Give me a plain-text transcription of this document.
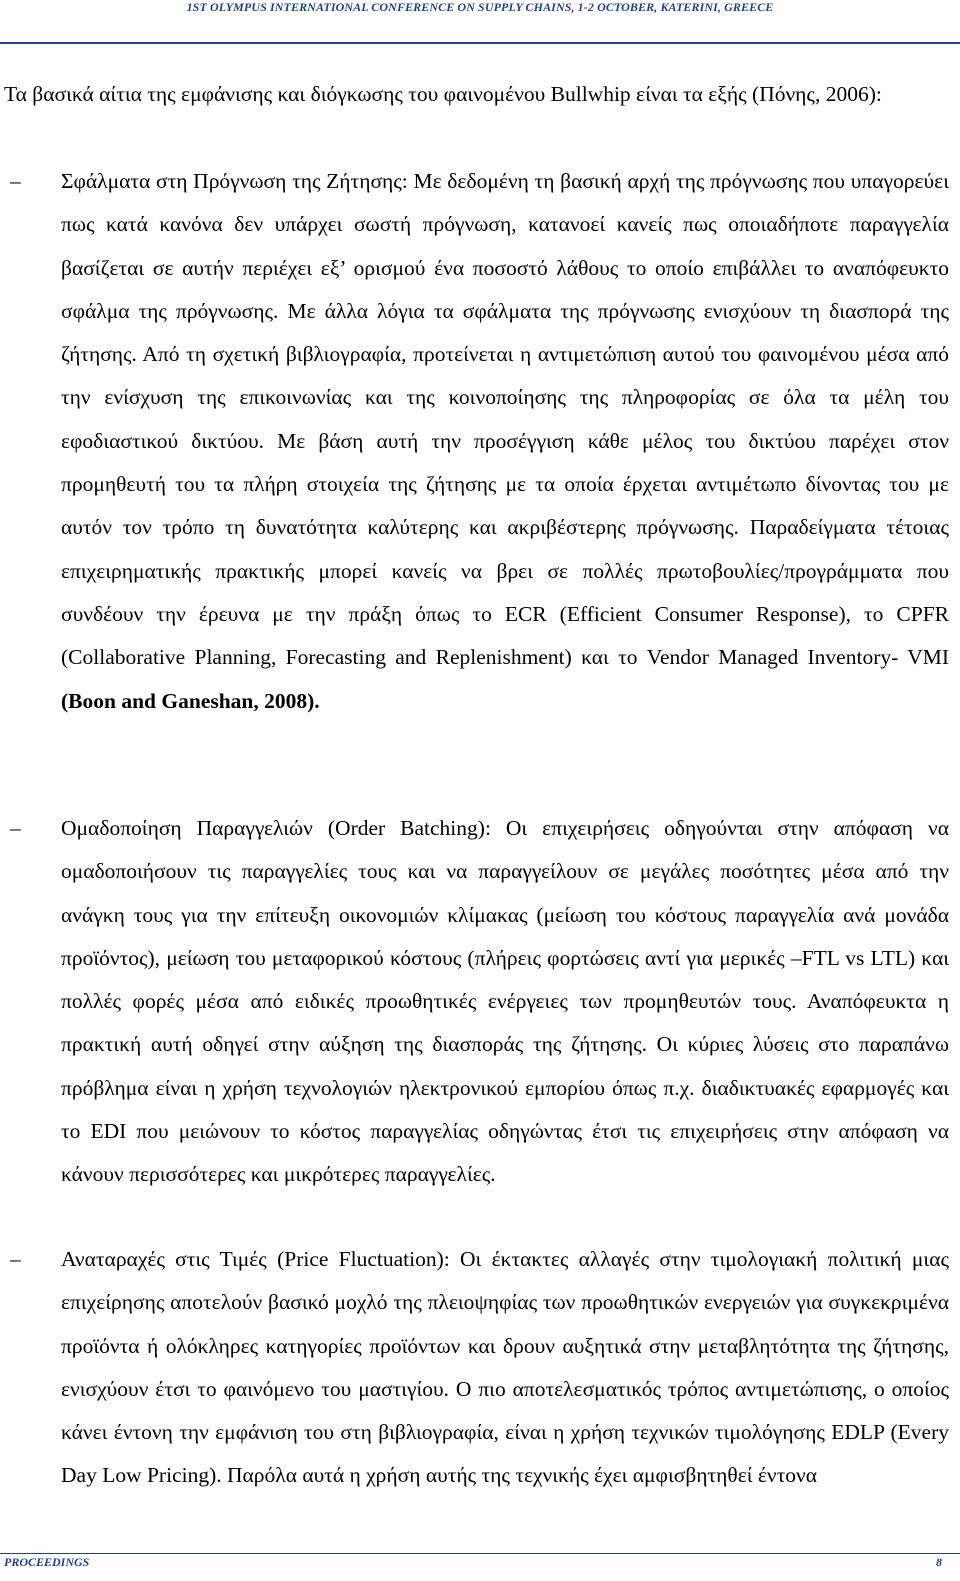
1ST OLYMPUS INTERNATIONAL CONFERENCE ON SUPPLY CHAINS, 1-2 OCTOBER, KATERINI, GREECE

Τα βασικά αίτια της εμφάνισης και διόγκωσης του φαινομένου Bullwhip είναι τα εξής (Πόνης, 2006):

–	Σφάλματα στη Πρόγνωση της Ζήτησης: Με δεδομένη τη βασική αρχή της πρόγνωσης που υπαγορεύει πως κατά κανόνα δεν υπάρχει σωστή πρόγνωση, κατανοεί κανείς πως οποιαδήποτε παραγγελία βασίζεται σε αυτήν περιέχει εξ’ ορισμού ένα ποσοστό λάθους το οποίο επιβάλλει το αναπόφευκτο σφάλμα της πρόγνωσης. Με άλλα λόγια τα σφάλματα της πρόγνωσης ενισχύουν τη διασπορά της ζήτησης. Από τη σχετική βιβλιογραφία, προτείνεται η αντιμετώπιση αυτού του φαινομένου μέσα από την ενίσχυση της επικοινωνίας και της κοινοποίησης της πληροφορίας σε όλα τα μέλη του εφοδιαστικού δικτύου. Με βάση αυτή την προσέγγιση κάθε μέλος του δικτύου παρέχει στον προμηθευτή του τα πλήρη στοιχεία της ζήτησης με τα οποία έρχεται αντιμέτωπο δίνοντας του με αυτόν τον τρόπο τη δυνατότητα καλύτερης και ακριβέστερης πρόγνωσης. Παραδείγματα τέτοιας επιχειρηματικής πρακτικής μπορεί κανείς να βρει σε πολλές πρωτοβουλίες/προγράμματα που συνδέουν την έρευνα με την πράξη όπως το ECR (Efficient Consumer Response), το CPFR (Collaborative Planning, Forecasting and Replenishment) και το Vendor Managed Inventory- VMI (Boon and Ganeshan, 2008).

–	Ομαδοποίηση Παραγγελιών (Order Batching): Οι επιχειρήσεις οδηγούνται στην απόφαση να ομαδοποιήσουν τις παραγγελίες τους και να παραγγείλουν σε μεγάλες ποσότητες μέσα από την ανάγκη τους για την επίτευξη οικονομιών κλίμακας (μείωση του κόστους παραγγελία ανά μονάδα προϊόντος), μείωση του μεταφορικού κόστους (πλήρεις φορτώσεις αντί για μερικές –FTL vs LTL) και πολλές φορές μέσα από ειδικές προωθητικές ενέργειες των προμηθευτών τους. Αναπόφευκτα η πρακτική αυτή οδηγεί στην αύξηση της διασποράς της ζήτησης. Οι κύριες λύσεις στο παραπάνω πρόβλημα είναι η χρήση τεχνολογιών ηλεκτρονικού εμπορίου όπως π.χ. διαδικτυακές εφαρμογές και το EDI που μειώνουν το κόστος παραγγελίας οδηγώντας έτσι τις επιχειρήσεις στην απόφαση να κάνουν περισσότερες και μικρότερες παραγγελίες.

–	Αναταραχές στις Τιμές (Price Fluctuation): Οι έκτακτες αλλαγές στην τιμολογιακή πολιτική μιας επιχείρησης αποτελούν βασικό μοχλό της πλειοψηφίας των προωθητικών ενεργειών για συγκεκριμένα προϊόντα ή ολόκληρες κατηγορίες προϊόντων και δρουν αυξητικά στην μεταβλητότητα της ζήτησης, ενισχύουν έτσι το φαινόμενο του μαστιγίου. Ο πιο αποτελεσματικός τρόπος αντιμετώπισης, ο οποίος κάνει έντονη την εμφάνιση του στη βιβλιογραφία, είναι η χρήση τεχνικών τιμολόγησης EDLP (Every Day Low Pricing). Παρόλα αυτά η χρήση αυτής της τεχνικής έχει αμφισβητηθεί έντονα

PROCEEDINGS	8
